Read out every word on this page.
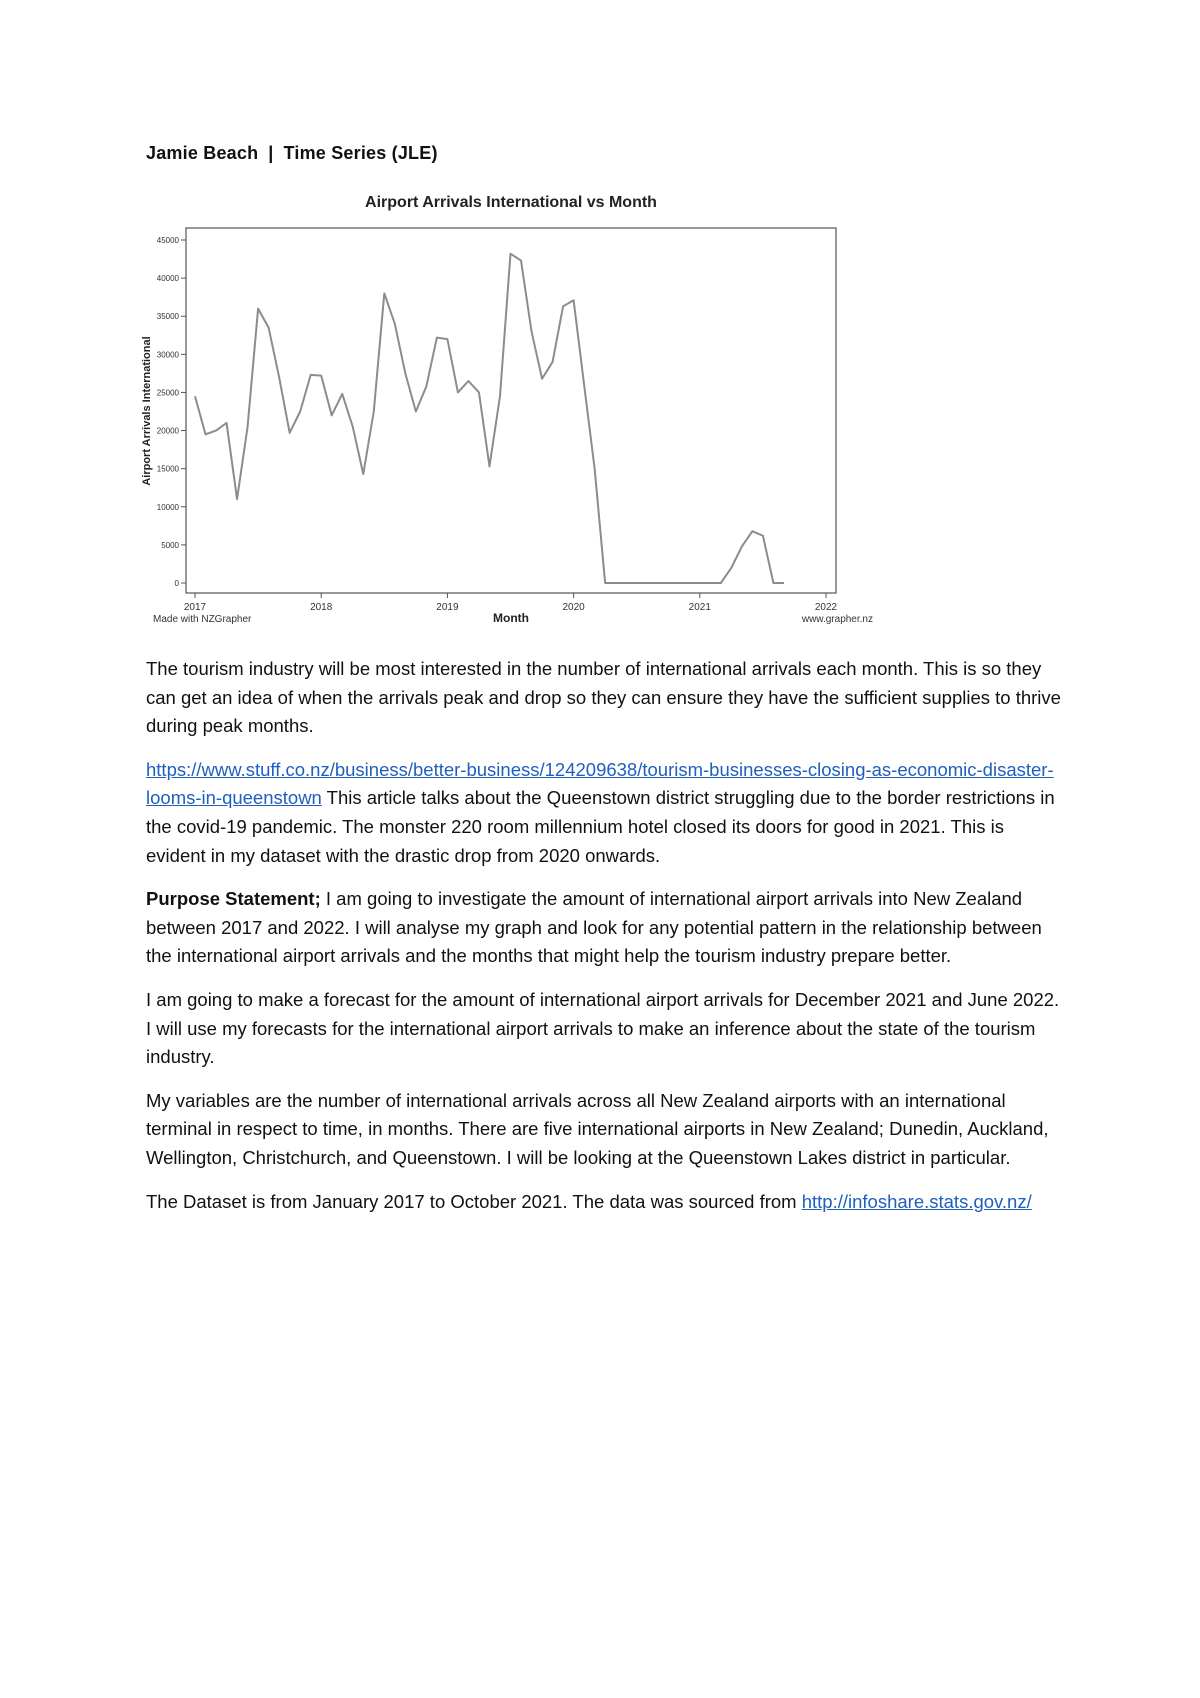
Jamie Beach | Time Series (JLE)
Airport Arrivals International vs Month
0
5000
10000
15000
20000
25000
30000
35000
40000
45000
2017	2018	2019	2020	2021	2022
Airport Arrivals International
Month
Made with NZGrapher	www.grapher.nz

The tourism industry will be most interested in the number of international arrivals each month. This is so they can get an idea of when the arrivals peak and drop so they can ensure they have the sufficient supplies to thrive during peak months.

https://www.stuff.co.nz/business/better-business/124209638/tourism-businesses-closing-as-economic-disaster-looms-in-queenstown This article talks about the Queenstown district struggling due to the border restrictions in the covid-19 pandemic. The monster 220 room millennium hotel closed its doors for good in 2021. This is evident in my dataset with the drastic drop from 2020 onwards.

Purpose Statement; I am going to investigate the amount of international airport arrivals into New Zealand between 2017 and 2022. I will analyse my graph and look for any potential pattern in the relationship between the international airport arrivals and the months that might help the tourism industry prepare better.

I am going to make a forecast for the amount of international airport arrivals for December 2021 and June 2022. I will use my forecasts for the international airport arrivals to make an inference about the state of the tourism industry.

My variables are the number of international arrivals across all New Zealand airports with an international terminal in respect to time, in months. There are five international airports in New Zealand; Dunedin, Auckland, Wellington, Christchurch, and Queenstown. I will be looking at the Queenstown Lakes district in particular.

The Dataset is from January 2017 to October 2021. The data was sourced from http://infoshare.stats.gov.nz/
